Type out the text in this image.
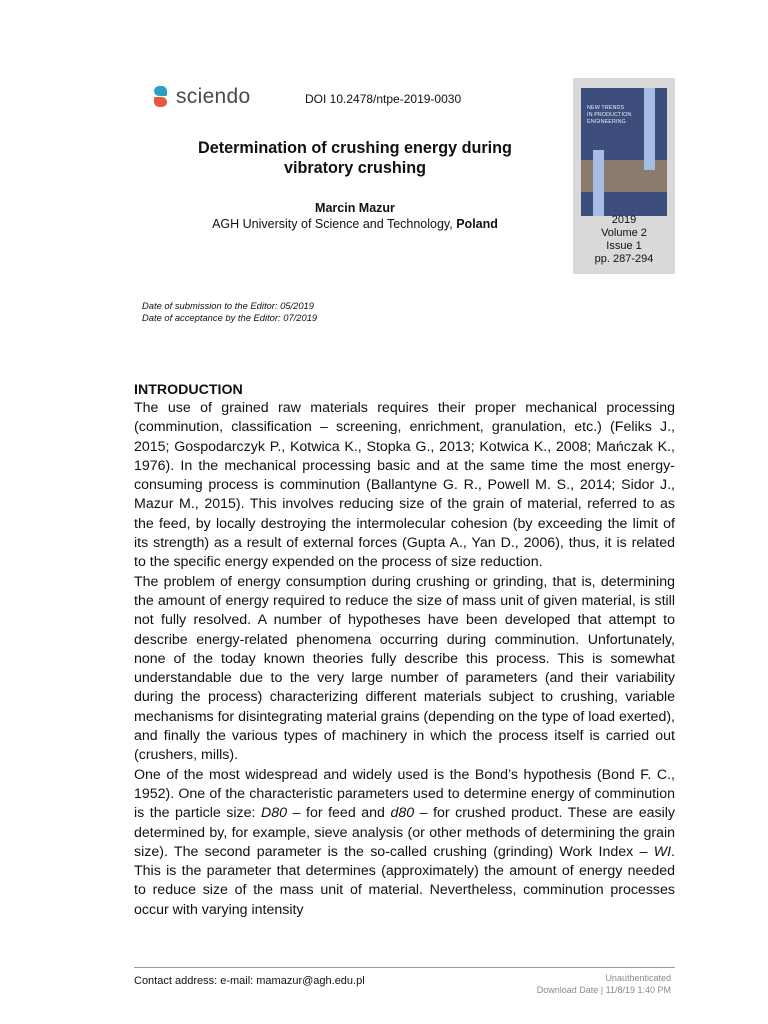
sciendo	DOI 10.2478/ntpe-2019-0030
Determination of crushing energy during
vibratory crushing
Marcin Mazur
AGH University of Science and Technology, Poland
NEW TRENDS
IN PRODUCTION
ENGINEERING
2019
Volume 2
Issue 1
pp. 287-294
Date of submission to the Editor: 05/2019
Date of acceptance by the Editor: 07/2019
INTRODUCTION

The use of grained raw materials requires their proper mechanical processing (comminution, classification – screening, enrichment, granulation, etc.) (Feliks J., 2015; Gospodarczyk P., Kotwica K., Stopka G., 2013; Kotwica K., 2008; Mańczak K., 1976). In the mechanical processing basic and at the same time the most energy-consuming process is comminution (Ballantyne G. R., Powell M. S., 2014; Sidor J., Mazur M., 2015). This involves reducing size of the grain of material, referred to as the feed, by locally destroying the intermolecular cohesion (by exceeding the limit of its strength) as a result of external forces (Gupta A., Yan D., 2006), thus, it is related to the specific energy expended on the process of size reduction.

The problem of energy consumption during crushing or grinding, that is, determining the amount of energy required to reduce the size of mass unit of given material, is still not fully resolved. A number of hypotheses have been developed that attempt to describe energy-related phenomena occurring during comminution. Unfortunately, none of the today known theories fully describe this process. This is somewhat understandable due to the very large number of parameters (and their variability during the process) characterizing different materials subject to crushing, variable mechanisms for disintegrating material grains (depending on the type of load exerted), and finally the various types of machinery in which the process itself is carried out (crushers, mills).

One of the most widespread and widely used is the Bond’s hypothesis (Bond F. C., 1952). One of the characteristic parameters used to determine energy of comminution is the particle size: D80 – for feed and d80 – for crushed product. These are easily determined by, for example, sieve analysis (or other methods of determining the grain size). The second parameter is the so-called crushing (grinding) Work Index – WI. This is the parameter that determines (approximately) the amount of energy needed to reduce size of the mass unit of material. Nevertheless, comminution processes occur with varying intensity

Contact address: e-mail: mamazur@agh.edu.pl	Unauthenticated
Download Date | 11/8/19 1:40 PM
